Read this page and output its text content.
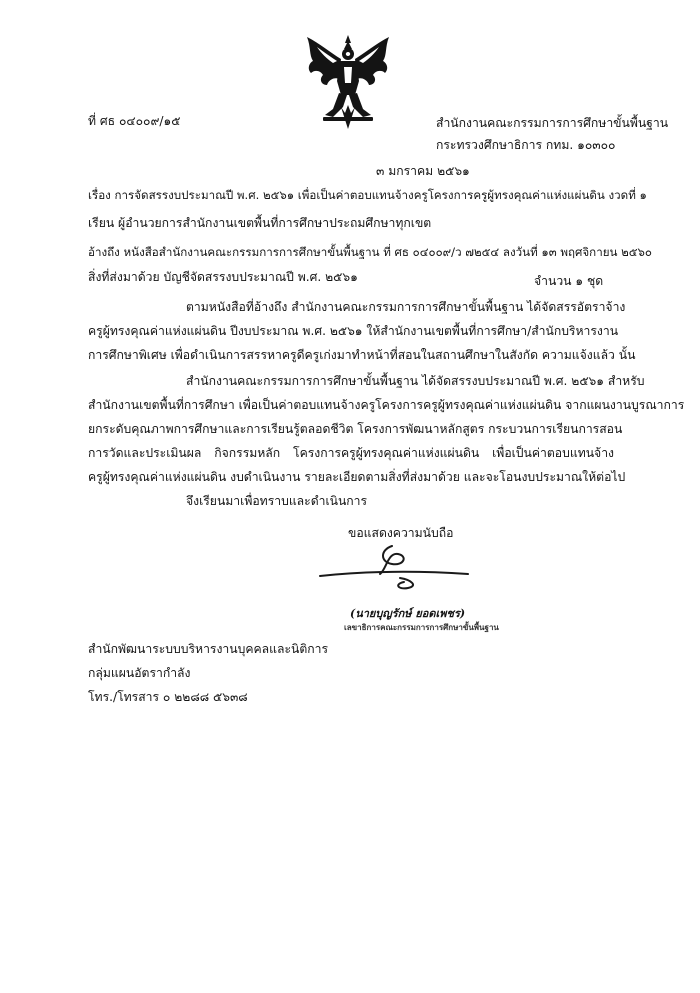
ที่ ศธ ๐๔๐๐๙/๑๕	สำนักงานคณะกรรมการการศึกษาขั้นพื้นฐาน
กระทรวงศึกษาธิการ กทม. ๑๐๓๐๐
๓ มกราคม ๒๕๖๑
เรื่อง การจัดสรรงบประมาณปี พ.ศ. ๒๕๖๑ เพื่อเป็นค่าตอบแทนจ้างครูโครงการครูผู้ทรงคุณค่าแห่งแผ่นดิน งวดที่ ๑
เรียน ผู้อำนวยการสำนักงานเขตพื้นที่การศึกษาประถมศึกษาทุกเขต
อ้างถึง หนังสือสำนักงานคณะกรรมการการศึกษาขั้นพื้นฐาน ที่ ศธ ๐๔๐๐๙/ว ๗๒๕๔ ลงวันที่ ๑๓ พฤศจิกายน ๒๕๖๐
สิ่งที่ส่งมาด้วย บัญชีจัดสรรงบประมาณปี พ.ศ. ๒๕๖๑	จำนวน ๑ ชุด
ตามหนังสือที่อ้างถึง สำนักงานคณะกรรมการการศึกษาขั้นพื้นฐาน ได้จัดสรรอัตราจ้าง
ครูผู้ทรงคุณค่าแห่งแผ่นดิน ปีงบประมาณ พ.ศ. ๒๕๖๑ ให้สำนักงานเขตพื้นที่การศึกษา/สำนักบริหารงาน
การศึกษาพิเศษ เพื่อดำเนินการสรรหาครูดีครูเก่งมาทำหน้าที่สอนในสถานศึกษาในสังกัด ความแจ้งแล้ว นั้น
สำนักงานคณะกรรมการการศึกษาขั้นพื้นฐาน ได้จัดสรรงบประมาณปี พ.ศ. ๒๕๖๑ สำหรับ
สำนักงานเขตพื้นที่การศึกษา เพื่อเป็นค่าตอบแทนจ้างครูโครงการครูผู้ทรงคุณค่าแห่งแผ่นดิน จากแผนงานบูรณาการ
ยกระดับคุณภาพการศึกษาและการเรียนรู้ตลอดชีวิต โครงการพัฒนาหลักสูตร กระบวนการเรียนการสอน
การวัดและประเมินผล กิจกรรมหลัก โครงการครูผู้ทรงคุณค่าแห่งแผ่นดิน เพื่อเป็นค่าตอบแทนจ้าง
ครูผู้ทรงคุณค่าแห่งแผ่นดิน งบดำเนินงาน รายละเอียดตามสิ่งที่ส่งมาด้วย และจะโอนงบประมาณให้ต่อไป
จึงเรียนมาเพื่อทราบและดำเนินการ
ขอแสดงความนับถือ
(นายบุญรักษ์ ยอดเพชร)
เลขาธิการคณะกรรมการการศึกษาขั้นพื้นฐาน
สำนักพัฒนาระบบบริหารงานบุคคลและนิติการ
กลุ่มแผนอัตรากำลัง
โทร./โทรสาร ๐ ๒๒๘๘ ๕๖๓๘
